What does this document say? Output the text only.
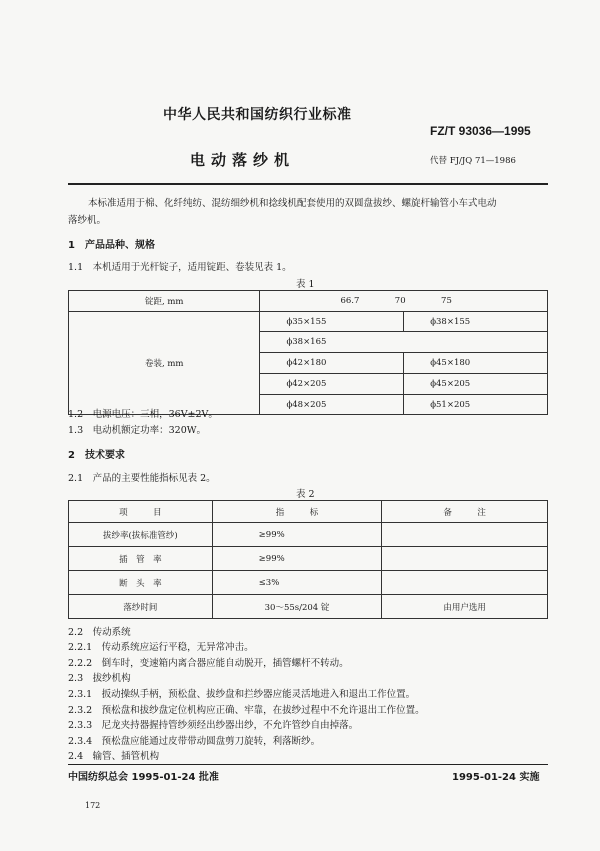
中华人民共和国纺织行业标准
FZ/T 93036—1995
电动落纱机	代替 FJ/JQ 71—1986
本标准适用于棉、化纤纯纺、混纺细纱机和捻线机配套使用的双圆盘拔纱、螺旋杆输管小车式电动
落纱机。
1　产品品种、规格
1.1　本机适用于光杆锭子，适用锭距、卷装见表 1。
表 1
锭距, mm	66.7 70 75	
卷装, mm	ϕ35×155	ϕ38×155
	ϕ38×165	
	ϕ42×180	ϕ45×180
	ϕ42×205	ϕ45×205
	ϕ48×205	ϕ51×205
1.2　电源电压：三相，36V±2V。
1.3　电动机额定功率：320W。
2　技术要求
2.1　产品的主要性能指标见表 2。
表 2
项　　　目	指　　　标	备　　　注
拔纱率(拔标准管纱)	≥99%	
插　管　率	≥99%	
断　头　率	≤3%	
落纱时间	30～55s/204 锭	由用户选用
2.2　传动系统
2.2.1　传动系统应运行平稳，无异常冲击。
2.2.2　倒车时，变速箱内离合器应能自动脱开，插管螺杆不转动。
2.3　拔纱机构
2.3.1　扳动操纵手柄，预松盘、拔纱盘和拦纱器应能灵活地进入和退出工作位置。
2.3.2　预松盘和拔纱盘定位机构应正确、牢靠，在拔纱过程中不允许退出工作位置。
2.3.3　尼龙夹持器握持管纱须经出纱器出纱，不允许管纱自由掉落。
2.3.4　预松盘应能通过皮带带动圆盘剪刀旋转，利落断纱。
2.4　输管、插管机构
中国纺织总会 1995-01-24 批准	1995-01-24 实施
172
